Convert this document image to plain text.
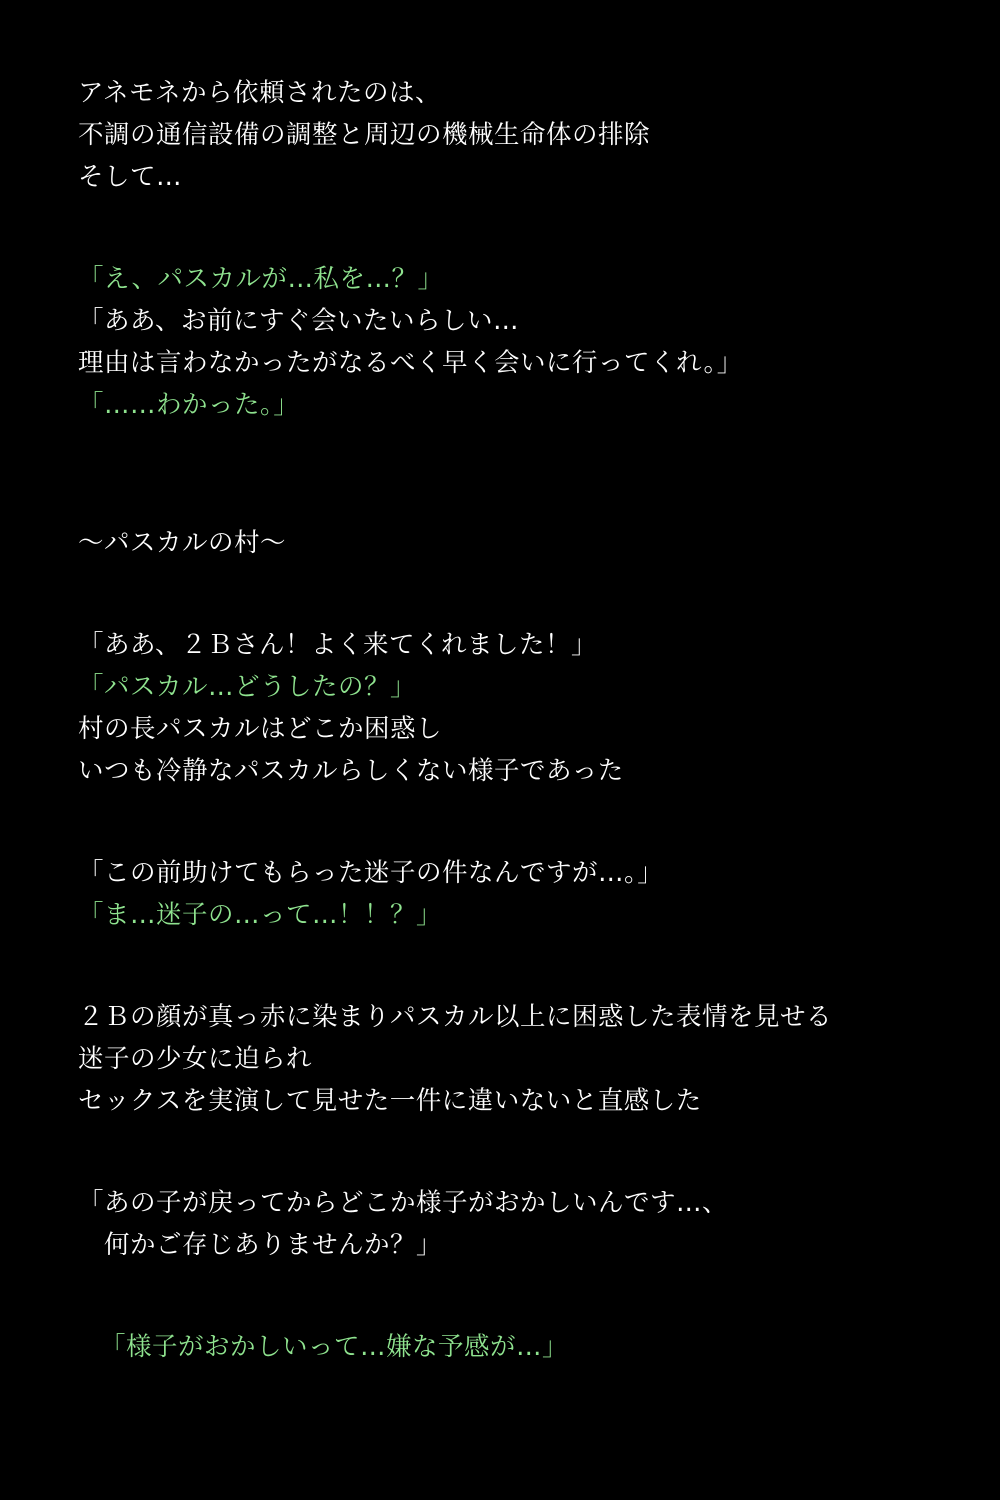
アネモネから依頼されたのは、
不調の通信設備の調整と周辺の機械生命体の排除
そして…
「え、パスカルが…私を…？」
「ああ、お前にすぐ会いたいらしい…
理由は言わなかったがなるべく早く会いに行ってくれ。」
「……わかった。」
〜パスカルの村〜
「ああ、２Ｂさん！よく来てくれました！」
「パスカル…どうしたの？」
村の長パスカルはどこか困惑し
いつも冷静なパスカルらしくない様子であった
「この前助けてもらった迷子の件なんですが…。」
「ま…迷子の…って…！！？」
２Ｂの顔が真っ赤に染まりパスカル以上に困惑した表情を見せる
迷子の少女に迫られ
セックスを実演して見せた一件に違いないと直感した
「あの子が戻ってからどこか様子がおかしいんです…、
　何かご存じありませんか？」
「様子がおかしいって…嫌な予感が…」
